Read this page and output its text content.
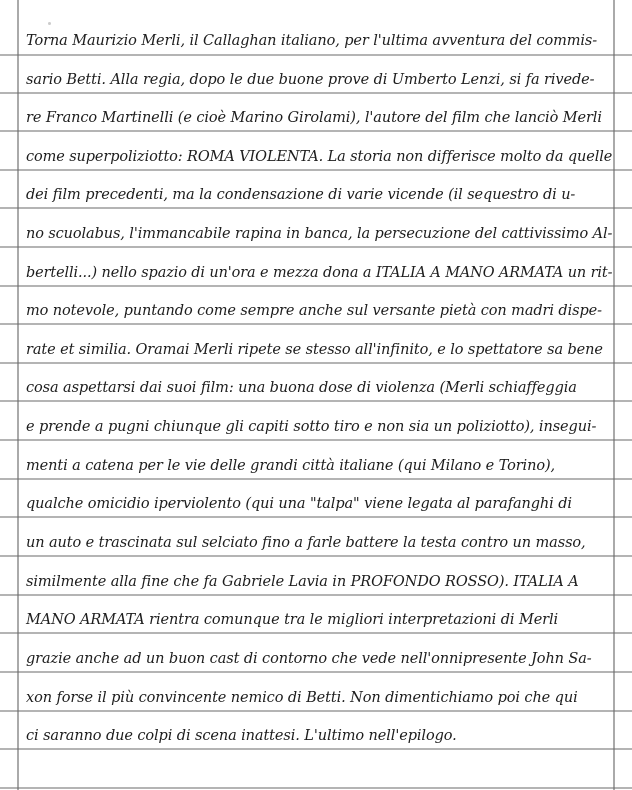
Torna Maurizio Merli, il Callaghan italiano, per l'ultima avventura del commis-
sario Betti. Alla regia, dopo le due buone prove di Umberto Lenzi, si fa rivede-
re Franco Martinelli (e cioè Marino Girolami), l'autore del film che lanciò Merli
come superpoliziotto: ROMA VIOLENTA. La storia non differisce molto da quelle
dei film precedenti, ma la condensazione di varie vicende (il sequestro di u-
no scuolabus, l'immancabile rapina in banca, la persecuzione del cattivissimo Al-
bertelli...) nello spazio di un'ora e mezza dona a ITALIA A MANO ARMATA un rit-
mo notevole, puntando come sempre anche sul versante pietà con madri dispe-
rate et similia. Oramai Merli ripete se stesso all'infinito, e lo spettatore sa bene
cosa aspettarsi dai suoi film: una buona dose di violenza (Merli schiaffeggia
e prende a pugni chiunque gli capiti sotto tiro e non sia un poliziotto), insegui-
menti a catena per le vie delle grandi città italiane (qui Milano e Torino),
qualche omicidio iperviolento (qui una "talpa" viene legata al parafanghi di
un auto e trascinata sul selciato fino a farle battere la testa contro un masso,
similmente alla fine che fa Gabriele Lavia in PROFONDO ROSSO). ITALIA A
MANO ARMATA rientra comunque tra le migliori interpretazioni di Merli
grazie anche ad un buon cast di contorno che vede nell'onnipresente John Sa-
xon forse il più convincente nemico di Betti. Non dimentichiamo poi che qui
ci saranno due colpi di scena inattesi. L'ultimo nell'epilogo.
